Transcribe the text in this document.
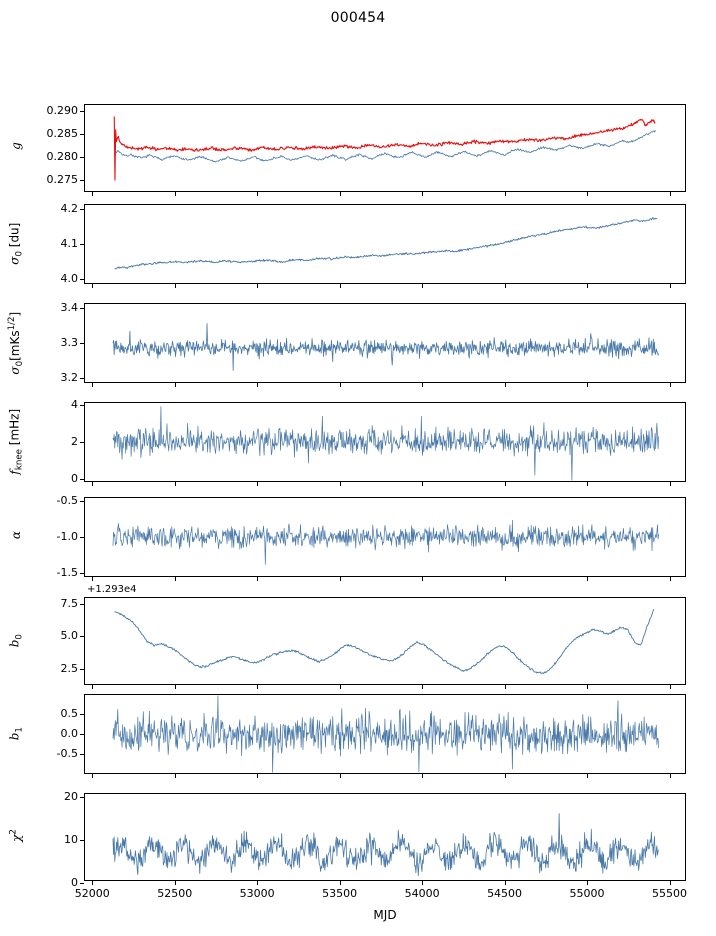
000454
0.275
0.280
0.285
0.290
g
4.0
4.1
4.2
$\sigma_0$ [du]
3.2
3.3
3.4
$\sigma_0[mKs^{1/2}]$
0
2
4
$f_{knee}$ [mHz]
-1.5
-1.0
-0.5
α
2.5
5.0
7.5
$b_0$
+1.293e4
-0.5
0.0
0.5
$b_1$
0
10
20
$\chi^2$
52000	52500	53000	53500	54000	54500	55000	55500
MJD
